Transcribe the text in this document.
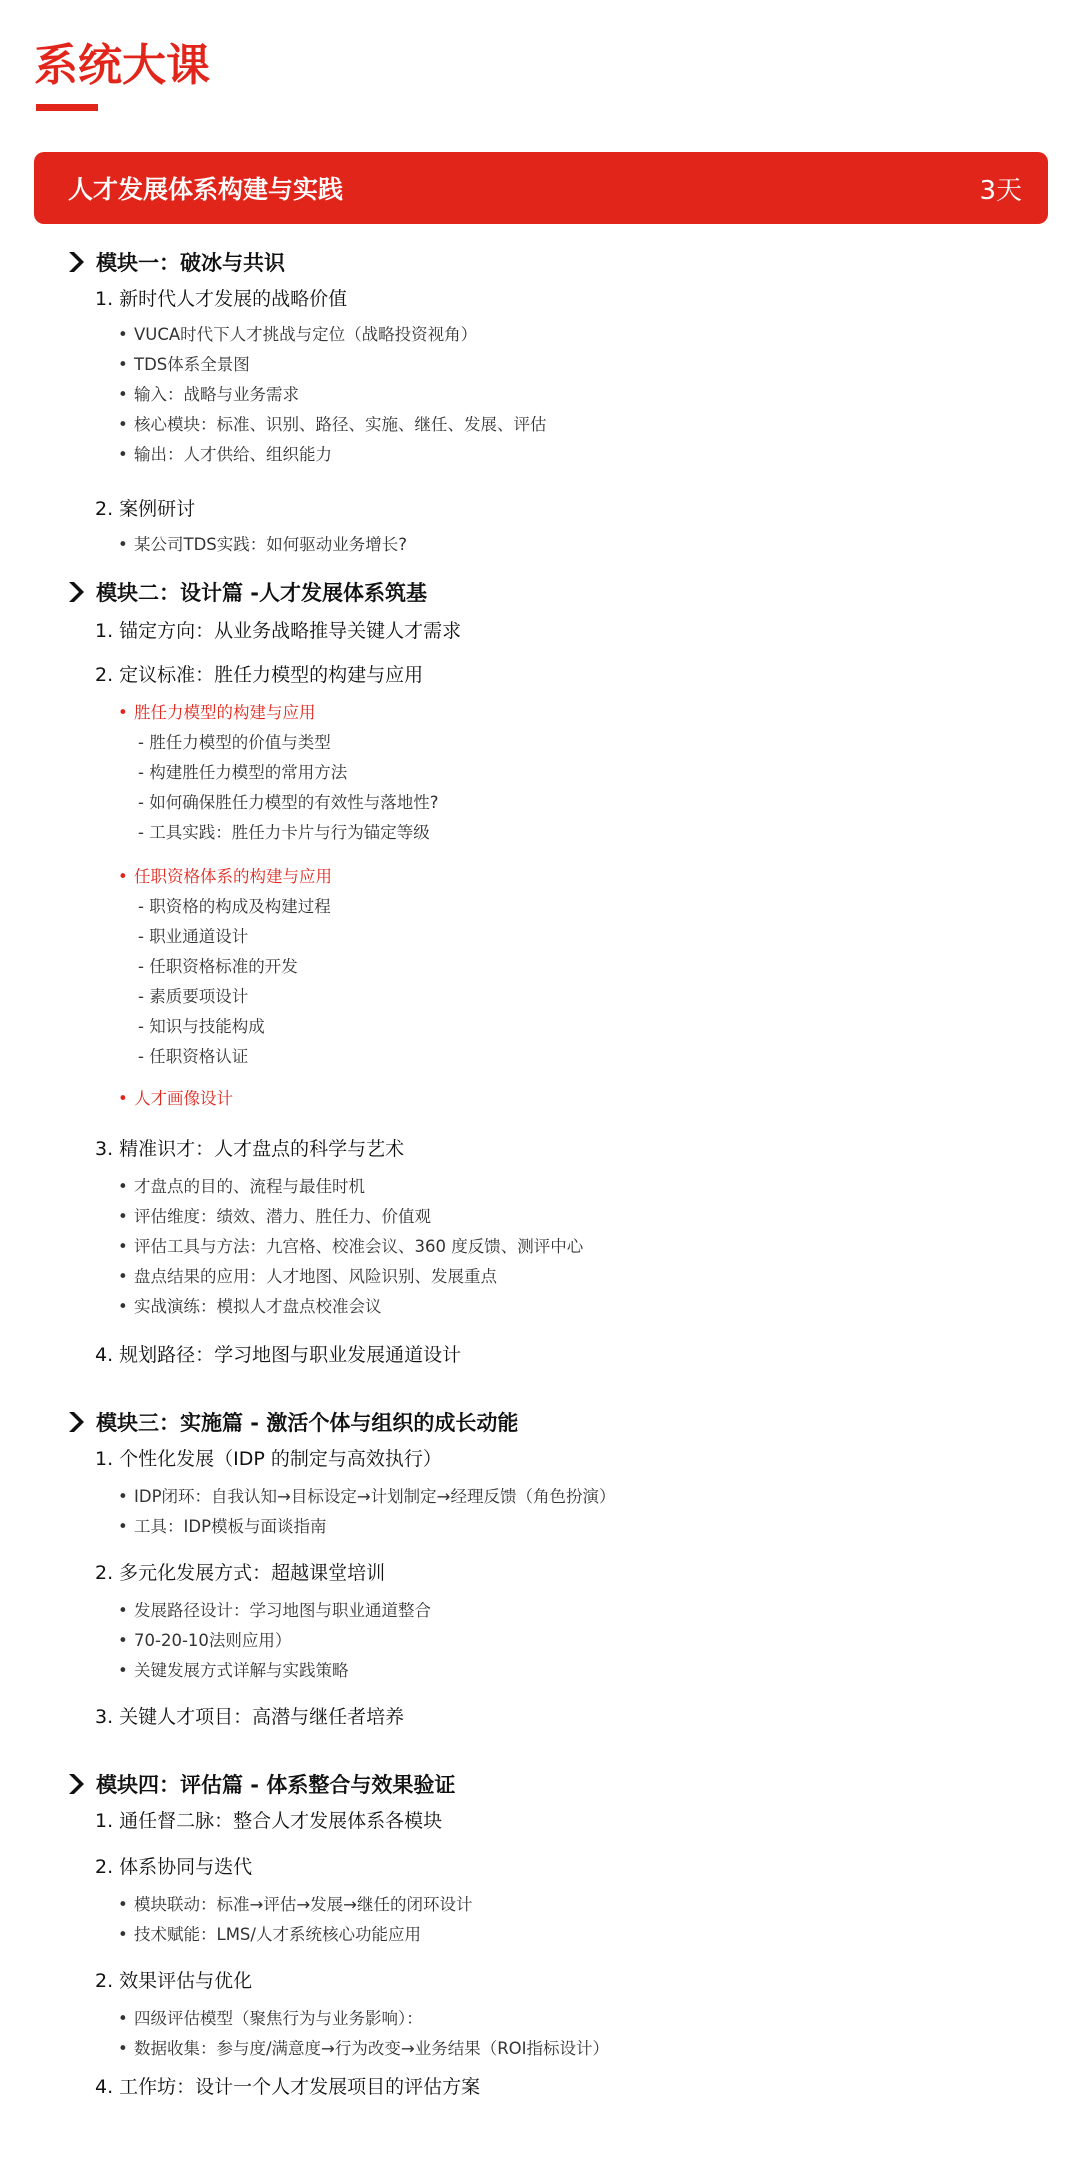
系统大课
人才发展体系构建与实践	3天
模块一：破冰与共识
1. 新时代人才发展的战略价值
• VUCA时代下人才挑战与定位（战略投资视角）
• TDS体系全景图
• 输入：战略与业务需求
• 核心模块：标准、识别、路径、实施、继任、发展、评估
• 输出：人才供给、组织能力
2. 案例研讨
• 某公司TDS实践：如何驱动业务增长?
模块二：设计篇 -人才发展体系筑基
1. 锚定方向：从业务战略推导关键人才需求
2. 定议标准：胜任力模型的构建与应用
• 胜任力模型的构建与应用
- 胜任力模型的价值与类型
- 构建胜任力模型的常用方法
- 如何确保胜任力模型的有效性与落地性?
- 工具实践：胜任力卡片与行为锚定等级
• 任职资格体系的构建与应用
- 职资格的构成及构建过程
- 职业通道设计
- 任职资格标准的开发
- 素质要项设计
- 知识与技能构成
- 任职资格认证
• 人才画像设计
3. 精准识才：人才盘点的科学与艺术
• 才盘点的目的、流程与最佳时机
• 评估维度：绩效、潜力、胜任力、价值观
• 评估工具与方法：九宫格、校准会议、360 度反馈、测评中心
• 盘点结果的应用：人才地图、风险识别、发展重点
• 实战演练：模拟人才盘点校准会议
4. 规划路径：学习地图与职业发展通道设计
模块三：实施篇 - 激活个体与组织的成长动能
1. 个性化发展（IDP 的制定与高效执行）
• IDP闭环：自我认知→目标设定→计划制定→经理反馈（角色扮演）
• 工具：IDP模板与面谈指南
2. 多元化发展方式：超越课堂培训
• 发展路径设计：学习地图与职业通道整合
• 70-20-10法则应用）
• 关键发展方式详解与实践策略
3. 关键人才项目：高潜与继任者培养
模块四：评估篇 - 体系整合与效果验证
1. 通任督二脉：整合人才发展体系各模块
2. 体系协同与迭代
• 模块联动：标准→评估→发展→继任的闭环设计
• 技术赋能：LMS/人才系统核心功能应用
2. 效果评估与优化
• 四级评估模型（聚焦行为与业务影响）：
• 数据收集：参与度/满意度→行为改变→业务结果（ROI指标设计）
4. 工作坊：设计一个人才发展项目的评估方案
